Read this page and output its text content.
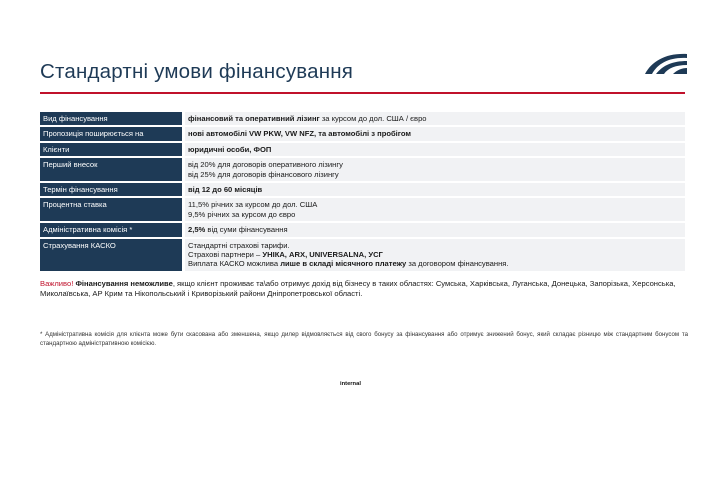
Стандартні умови фінансування
Вид фінансування	фінансовий та оперативний лізинг за курсом до дол. США / євро

Пропозиція поширюється на	нові автомобілі VW PKW, VW NFZ, та автомобілі з пробігом

Клієнти	юридичні особи, ФОП

Перший внесок	від 20% для договорів оперативного лізингу
від 25% для договорів фінансового лізингу

Термін фінансування	від 12 до 60 місяців

Процентна ставка	11,5% річних за курсом до дол. США
9,5% річних за курсом до євро

Адміністративна комісія *	2,5% від суми фінансування

Страхування КАСКО	Стандартні страхові тарифи.
Страхові партнери – УНІКА, ARX, UNIVERSALNA, УСГ
Виплата КАСКО можлива лише в складі місячного платежу за договором фінансування.

Важливо! Фінансування неможливе, якщо клієнт проживає та\або отримує дохід від бізнесу в таких областях: Сумська, Харківська, Луганська, Донецька, Запорізька, Херсонська, Миколаївська, АР Крим та Нікопольський і Криворізький райони Дніпропетровської області.

* Адміністративна комісія для клієнта може бути скасована або зменшена, якщо дилер відмовляється від свого бонусу за фінансування або отримує знижений бонус, який складає різницю між стандартним бонусом та стандартною адміністративною комісією.

internal
